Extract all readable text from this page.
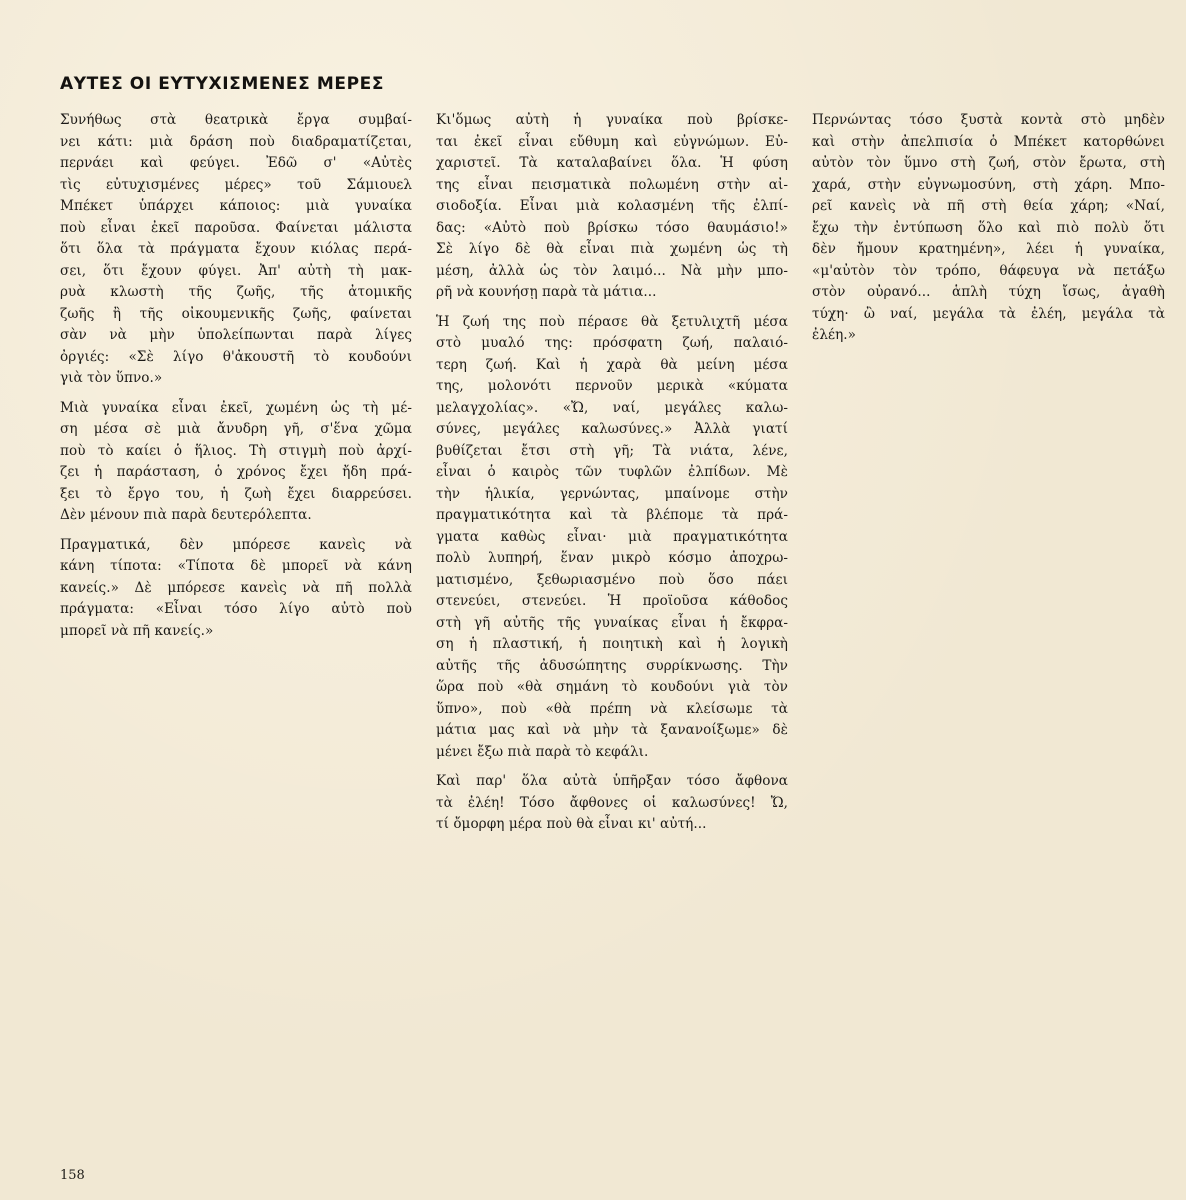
ΑΥΤΕΣ ΟΙ ΕΥΤΥΧΙΣΜΕΝΕΣ ΜΕΡΕΣ
Συνήθως στὰ θεατρικὰ ἔργα συμβαί-
νει κάτι: μιὰ δράση ποὺ διαδραματίζεται,
περνάει καὶ φεύγει. Ἐδῶ σ' «Αὐτὲς
τὶς εὐτυχισμένες μέρες» τοῦ Σάμιουελ
Μπέκετ ὑπάρχει κάποιος: μιὰ γυναίκα
ποὺ εἶναι ἐκεῖ παροῦσα. Φαίνεται μάλιστα
ὅτι ὅλα τὰ πράγματα ἔχουν κιόλας περά-
σει, ὅτι ἔχουν φύγει. Ἀπ' αὐτὴ τὴ μακ-
ρυὰ κλωστὴ τῆς ζωῆς, τῆς ἀτομικῆς
ζωῆς ἢ τῆς οἰκουμενικῆς ζωῆς, φαίνεται
σὰν νὰ μὴν ὑπολείπωνται παρὰ λίγες
ὀργιές: «Σὲ λίγο θ'ἀκουστῆ τὸ κουδούνι
γιὰ τὸν ὕπνο.»
Μιὰ γυναίκα εἶναι ἐκεῖ, χωμένη ὡς τὴ μέ-
ση μέσα σὲ μιὰ ἄνυδρη γῆ, σ'ἕνα χῶμα
ποὺ τὸ καίει ὁ ἥλιος. Τὴ στιγμὴ ποὺ ἀρχί-
ζει ἡ παράσταση, ὁ χρόνος ἔχει ἤδη πρά-
ξει τὸ ἔργο του, ἡ ζωὴ ἔχει διαρρεύσει.
Δὲν μένουν πιὰ παρὰ δευτερόλεπτα.
Πραγματικά, δὲν μπόρεσε κανεὶς νὰ
κάνη τίποτα: «Τίποτα δὲ μπορεῖ νὰ κάνη
κανείς.» Δὲ μπόρεσε κανεὶς νὰ πῆ πολλὰ
πράγματα: «Εἶναι τόσο λίγο αὐτὸ ποὺ
μπορεῖ νὰ πῆ κανείς.»
Κι'ὅμως αὐτὴ ἡ γυναίκα ποὺ βρίσκε-
ται ἐκεῖ εἶναι εὔθυμη καὶ εὐγνώμων. Εὐ-
χαριστεῖ. Τὰ καταλαβαίνει ὅλα. Ἡ φύση
της εἶναι πεισματικὰ πολωμένη στὴν αἰ-
σιοδοξία. Εἶναι μιὰ κολασμένη τῆς ἐλπί-
δας: «Αὐτὸ ποὺ βρίσκω τόσο θαυμάσιο!»
Σὲ λίγο δὲ θὰ εἶναι πιὰ χωμένη ὡς τὴ
μέση, ἀλλὰ ὡς τὸν λαιμό... Νὰ μὴν μπο-
ρῆ νὰ κουνήσῃ παρὰ τὰ μάτια...
Ἡ ζωή της ποὺ πέρασε θὰ ξετυλιχτῆ μέσα
στὸ μυαλό της: πρόσφατη ζωή, παλαιό-
τερη ζωή. Καὶ ἡ χαρὰ θὰ μείνη μέσα
της, μολονότι περνοῦν μερικὰ «κύματα
μελαγχολίας». «Ὤ, ναί, μεγάλες καλω-
σύνες, μεγάλες καλωσύνες.» Ἀλλὰ γιατί
βυθίζεται ἔτσι στὴ γῆ; Τὰ νιάτα, λένε,
εἶναι ὁ καιρὸς τῶν τυφλῶν ἐλπίδων. Μὲ
τὴν ἡλικία, γερνώντας, μπαίνομε στὴν
πραγματικότητα καὶ τὰ βλέπομε τὰ πρά-
γματα καθὼς εἶναι· μιὰ πραγματικότητα
πολὺ λυπηρή, ἕναν μικρὸ κόσμο ἀποχρω-
ματισμένο, ξεθωριασμένο ποὺ ὅσο πάει
στενεύει, στενεύει. Ἡ προϊοῦσα κάθοδος
στὴ γῆ αὐτῆς τῆς γυναίκας εἶναι ἡ ἔκφρα-
ση ἡ πλαστική, ἡ ποιητικὴ καὶ ἡ λογικὴ
αὐτῆς τῆς ἀδυσώπητης συρρίκνωσης. Τὴν
ὥρα ποὺ «θὰ σημάνη τὸ κουδούνι γιὰ τὸν
ὕπνο», ποὺ «θὰ πρέπη νὰ κλείσωμε τὰ
μάτια μας καὶ νὰ μὴν τὰ ξανανοίξωμε» δὲ
μένει ἔξω πιὰ παρὰ τὸ κεφάλι.
Καὶ παρ' ὅλα αὐτὰ ὑπῆρξαν τόσο ἄφθονα
τὰ ἐλέη! Τόσο ἄφθονες οἱ καλωσύνες! Ὤ,
τί ὄμορφη μέρα ποὺ θὰ εἶναι κι' αὐτή...
Περνώντας τόσο ξυστὰ κοντὰ στὸ μηδὲν
καὶ στὴν ἀπελπισία ὁ Μπέκετ κατορθώνει
αὐτὸν τὸν ὕμνο στὴ ζωή, στὸν ἔρωτα, στὴ
χαρά, στὴν εὐγνωμοσύνη, στὴ χάρη. Μπο-
ρεῖ κανεὶς νὰ πῆ στὴ θεία χάρη; «Ναί,
ἔχω τὴν ἐντύπωση ὅλο καὶ πιὸ πολὺ ὅτι
δὲν ἤμουν κρατημένη», λέει ἡ γυναίκα,
«μ'αὐτὸν τὸν τρόπο, θάφευγα νὰ πετάξω
στὸν οὐρανό... ἁπλὴ τύχη ἴσως, ἀγαθὴ
τύχη· ὢ ναί, μεγάλα τὰ ἐλέη, μεγάλα τὰ
ἐλέη.»
158
